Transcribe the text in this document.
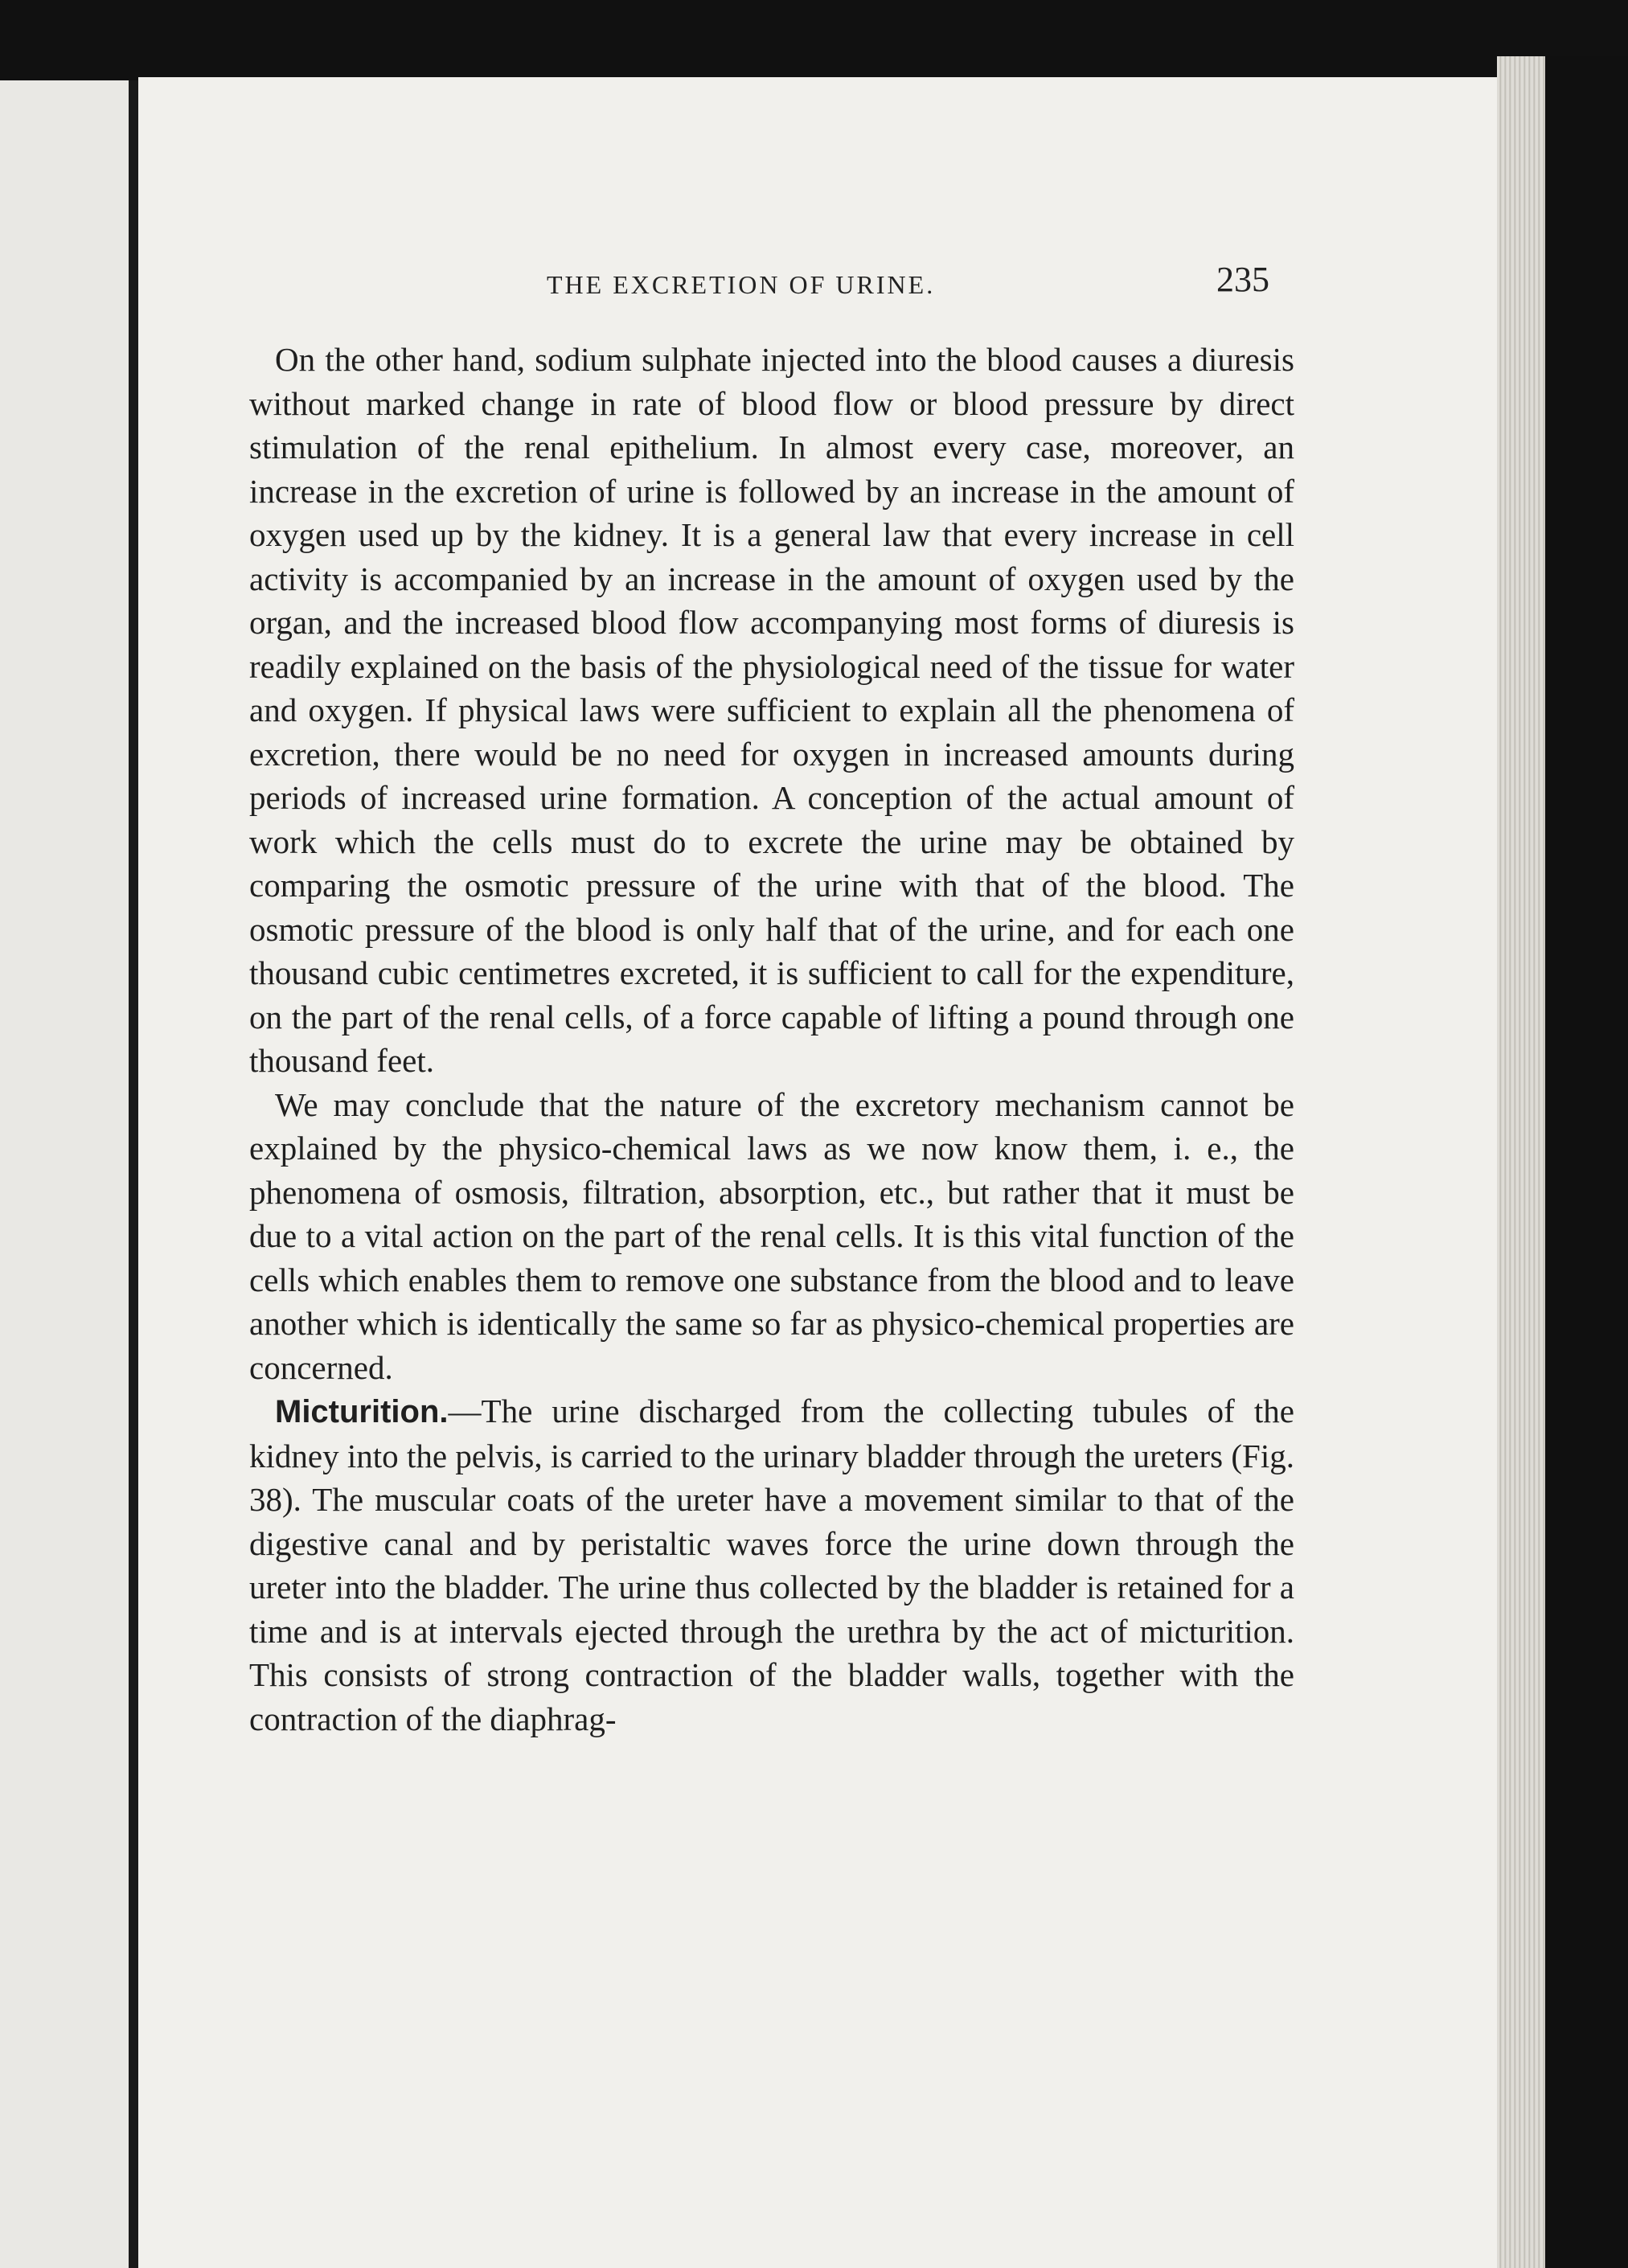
THE EXCRETION OF URINE.	235

On the other hand, sodium sulphate injected into the blood causes a diuresis without marked change in rate of blood flow or blood pressure by direct stimulation of the renal epithelium. In almost every case, moreover, an increase in the excretion of urine is followed by an increase in the amount of oxygen used up by the kidney. It is a general law that every increase in cell activity is accompanied by an increase in the amount of oxygen used by the organ, and the increased blood flow accompanying most forms of diuresis is readily explained on the basis of the physiological need of the tissue for water and oxygen. If physical laws were sufficient to explain all the phenomena of excretion, there would be no need for oxygen in increased amounts during periods of increased urine formation. A conception of the actual amount of work which the cells must do to excrete the urine may be obtained by comparing the osmotic pressure of the urine with that of the blood. The osmotic pressure of the blood is only half that of the urine, and for each one thousand cubic centimetres excreted, it is sufficient to call for the expenditure, on the part of the renal cells, of a force capable of lifting a pound through one thousand feet.

We may conclude that the nature of the excretory mechanism cannot be explained by the physico-chemical laws as we now know them, i. e., the phenomena of osmosis, filtration, absorption, etc., but rather that it must be due to a vital action on the part of the renal cells. It is this vital function of the cells which enables them to remove one substance from the blood and to leave another which is identically the same so far as physico-chemical properties are concerned.

Micturition.—The urine discharged from the collecting tubules of the kidney into the pelvis, is carried to the urinary bladder through the ureters (Fig. 38). The muscular coats of the ureter have a movement similar to that of the digestive canal and by peristaltic waves force the urine down through the ureter into the bladder. The urine thus collected by the bladder is retained for a time and is at intervals ejected through the urethra by the act of micturition. This consists of strong contraction of the bladder walls, together with the contraction of the diaphrag-
